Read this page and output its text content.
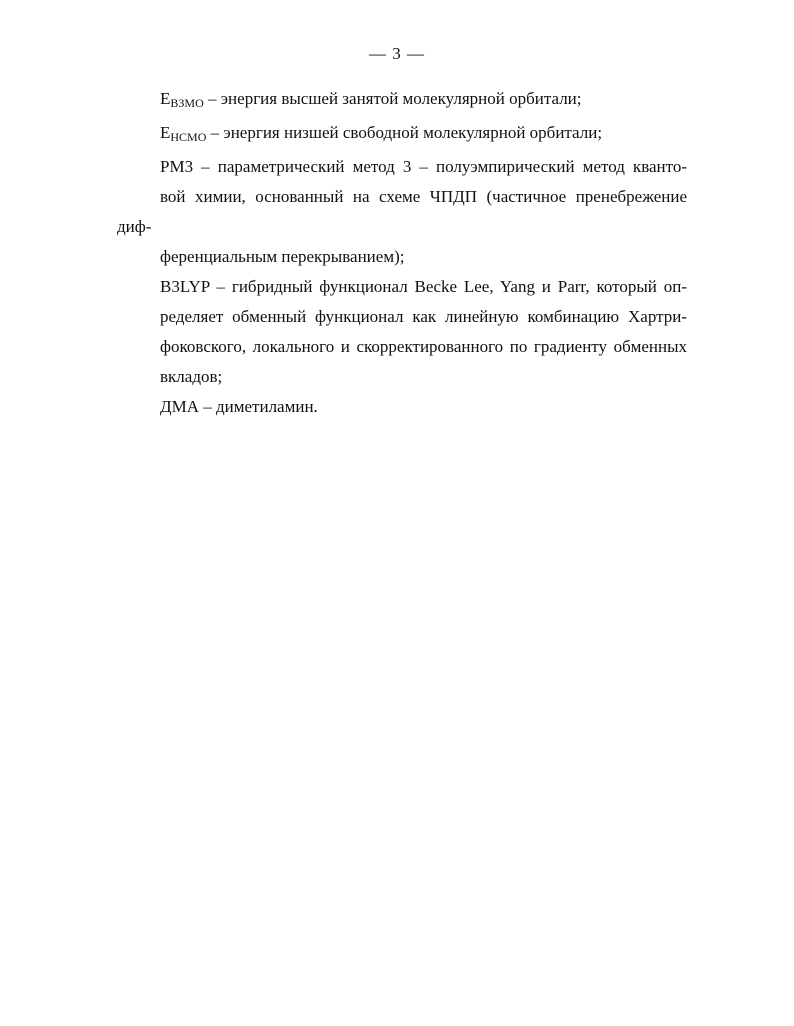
— 3 —
$E_{ВЗМО}$ – энергия высшей занятой молекулярной орбитали;
$E_{НСМО}$ – энергия низшей свободной молекулярной орбитали;
PM3 – параметрический метод 3 – полуэмпирический метод кванто-
вой химии, основанный на схеме ЧПДП (частичное пренебрежение диф-
ференциальным перекрыванием);
B3LYP – гибридный функционал Becke Lee, Yang и Parr, который оп-
ределяет обменный функционал как линейную комбинацию Хартри-
фоковского, локального и скорректированного по градиенту обменных
вкладов;
ДМА – диметиламин.
